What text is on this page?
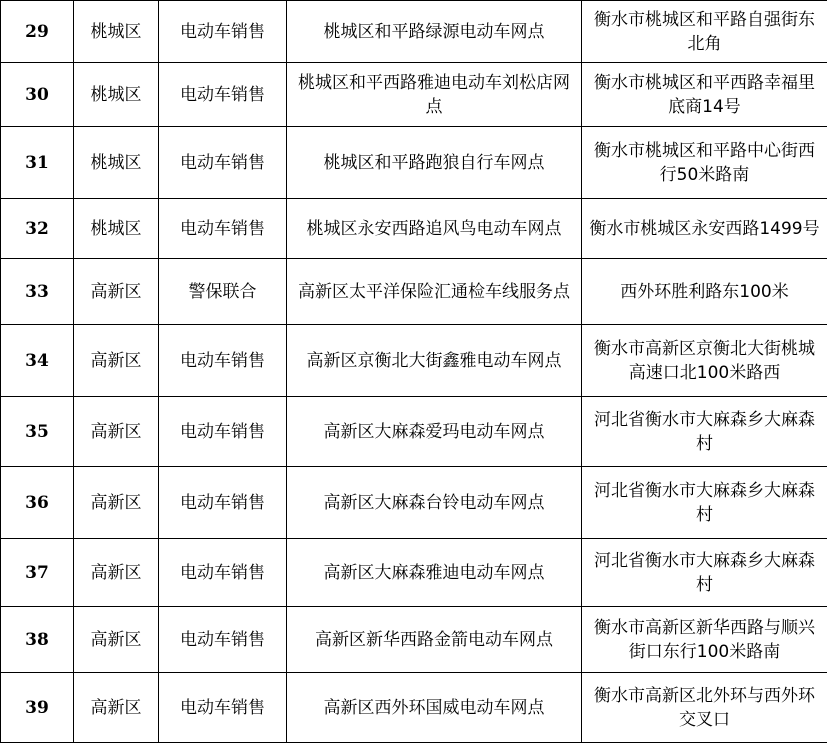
29	桃城区	电动车销售	桃城区和平路绿源电动车网点	衡水市桃城区和平路自强街东北角
30	桃城区	电动车销售	桃城区和平西路雅迪电动车刘松店网点	衡水市桃城区和平西路幸福里底商14号
31	桃城区	电动车销售	桃城区和平路跑狼自行车网点	衡水市桃城区和平路中心街西行50米路南
32	桃城区	电动车销售	桃城区永安西路追风鸟电动车网点	衡水市桃城区永安西路1499号
33	高新区	警保联合	高新区太平洋保险汇通检车线服务点	西外环胜利路东100米
34	高新区	电动车销售	高新区京衡北大街鑫雅电动车网点	衡水市高新区京衡北大街桃城高速口北100米路西
35	高新区	电动车销售	高新区大麻森爱玛电动车网点	河北省衡水市大麻森乡大麻森村
36	高新区	电动车销售	高新区大麻森台铃电动车网点	河北省衡水市大麻森乡大麻森村
37	高新区	电动车销售	高新区大麻森雅迪电动车网点	河北省衡水市大麻森乡大麻森村
38	高新区	电动车销售	高新区新华西路金箭电动车网点	衡水市高新区新华西路与顺兴街口东行100米路南
39	高新区	电动车销售	高新区西外环国威电动车网点	衡水市高新区北外环与西外环交叉口
